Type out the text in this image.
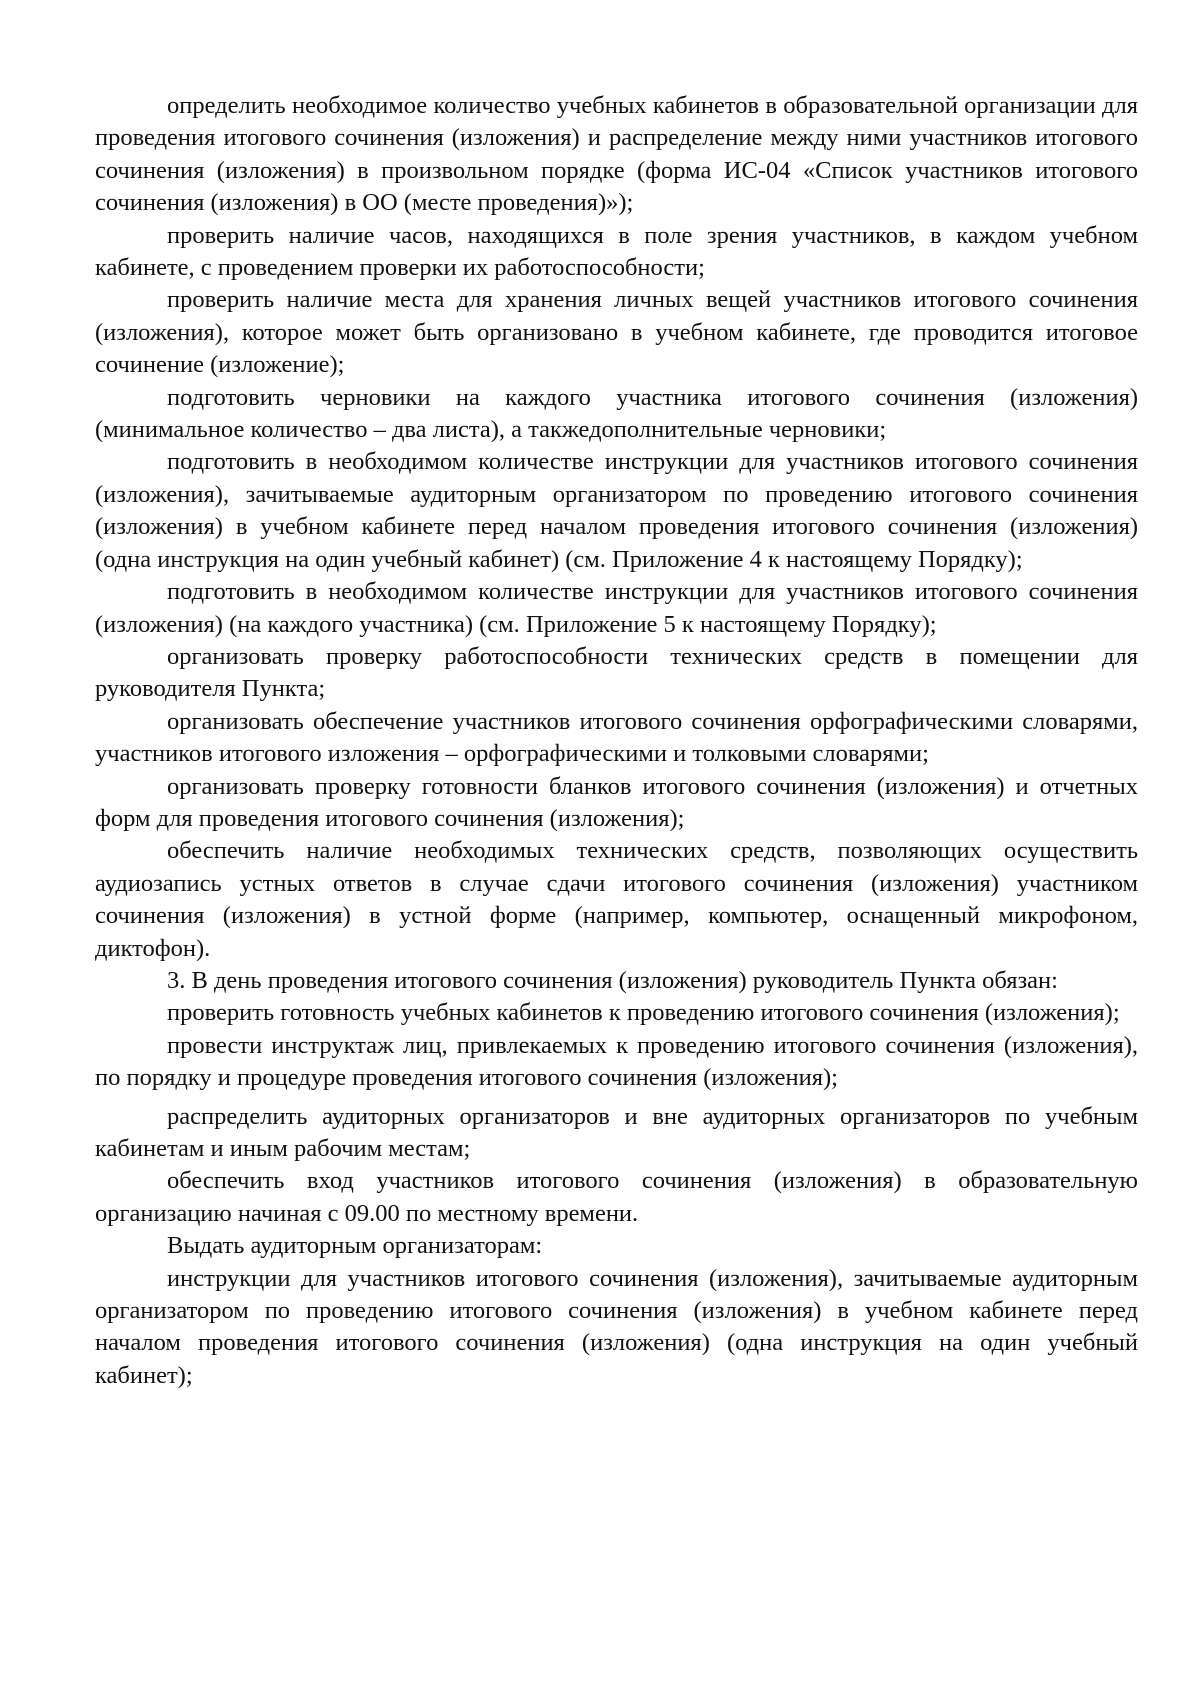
определить необходимое количество учебных кабинетов в образовательной организации для проведения итогового сочинения (изложения) и распределение между ними участников итогового сочинения (изложения) в произвольном порядке (форма ИС-04 «Список участников итогового сочинения (изложения) в ОО (месте проведения)»);

проверить наличие часов, находящихся в поле зрения участников, в каждом учебном кабинете, с проведением проверки их работоспособности;

проверить наличие места для хранения личных вещей участников итогового сочинения (изложения), которое может быть организовано в учебном кабинете, где проводится итоговое сочинение (изложение);

подготовить черновики на каждого участника итогового сочинения (изложения) (минимальное количество – два листа), а такжедополнительные черновики;

подготовить в необходимом количестве инструкции для участников итогового сочинения (изложения), зачитываемые аудиторным организатором по проведению итогового сочинения (изложения) в учебном кабинете перед началом проведения итогового сочинения (изложения) (одна инструкция на один учебный кабинет) (см. Приложение 4 к настоящему Порядку);

подготовить в необходимом количестве инструкции для участников итогового сочинения (изложения) (на каждого участника) (см. Приложение 5 к настоящему Порядку);

организовать проверку работоспособности технических средств в помещении для руководителя Пункта;

организовать обеспечение участников итогового сочинения орфографическими словарями, участников итогового изложения – орфографическими и толковыми словарями;

организовать проверку готовности бланков итогового сочинения (изложения) и отчетных форм для проведения итогового сочинения (изложения);

обеспечить наличие необходимых технических средств, позволяющих осуществить аудиозапись устных ответов в случае сдачи итогового сочинения (изложения) участником сочинения (изложения) в устной форме (например, компьютер, оснащенный микрофоном, диктофон).

3. В день проведения итогового сочинения (изложения) руководитель Пункта обязан:

проверить готовность учебных кабинетов к проведению итогового сочинения (изложения);

провести инструктаж лиц, привлекаемых к проведению итогового сочинения (изложения), по порядку и процедуре проведения итогового сочинения (изложения);

распределить аудиторных организаторов и вне аудиторных организаторов по учебным кабинетам и иным рабочим местам;

обеспечить вход участников итогового сочинения (изложения) в образовательную организацию начиная с 09.00 по местному времени.

Выдать аудиторным организаторам:

инструкции для участников итогового сочинения (изложения), зачитываемые аудиторным организатором по проведению итогового сочинения (изложения) в учебном кабинете перед началом проведения итогового сочинения (изложения) (одна инструкция на один учебный кабинет);
